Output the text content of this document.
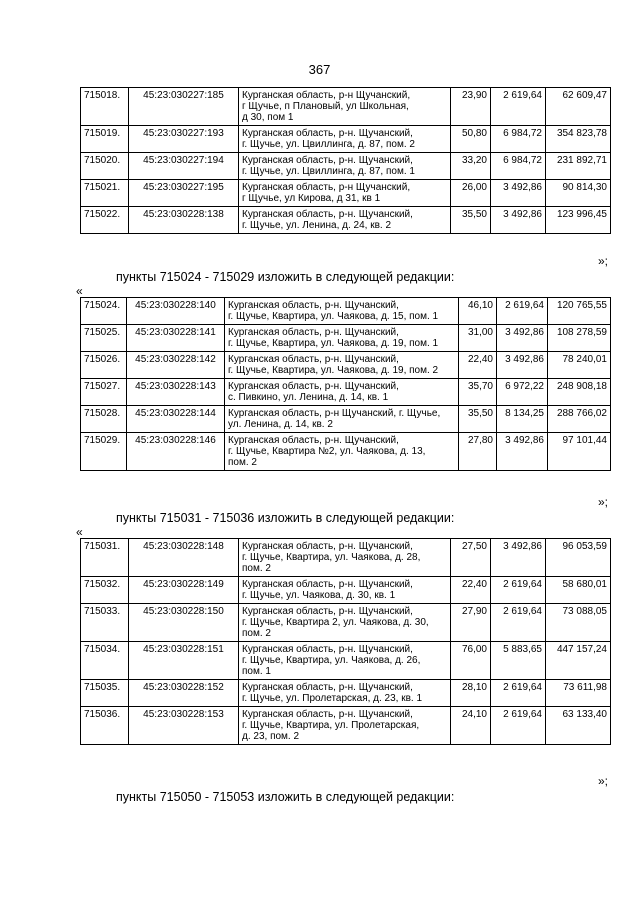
367
715018.	45:23:030227:185	Курганская область, р-н Щучанский,
г Щучье, п Плановый, ул Школьная,
д 30, пом 1	23,90	2 619,64	62 609,47
715019.	45:23:030227:193	Курганская область, р-н. Щучанский,
г. Щучье, ул. Цвиллинга, д. 87, пом. 2	50,80	6 984,72	354 823,78
715020.	45:23:030227:194	Курганская область, р-н. Щучанский,
г. Щучье, ул. Цвиллинга, д. 87, пом. 1	33,20	6 984,72	231 892,71
715021.	45:23:030227:195	Курганская область, р-н Щучанский,
г Щучье, ул Кирова, д 31, кв 1	26,00	3 492,86	90 814,30
715022.	45:23:030228:138	Курганская область, р-н. Щучанский,
г. Щучье, ул. Ленина, д. 24, кв. 2	35,50	3 492,86	123 996,45
»;
пункты 715024 - 715029 изложить в следующей редакции:
«
715024.	45:23:030228:140	Курганская область, р-н. Щучанский,
г. Щучье, Квартира, ул. Чаякова, д. 15, пом. 1	46,10	2 619,64	120 765,55
715025.	45:23:030228:141	Курганская область, р-н. Щучанский,
г. Щучье, Квартира, ул. Чаякова, д. 19, пом. 1	31,00	3 492,86	108 278,59
715026.	45:23:030228:142	Курганская область, р-н. Щучанский,
г. Щучье, Квартира, ул. Чаякова, д. 19, пом. 2	22,40	3 492,86	78 240,01
715027.	45:23:030228:143	Курганская область, р-н. Щучанский,
с. Пивкино, ул. Ленина, д. 14, кв. 1	35,70	6 972,22	248 908,18
715028.	45:23:030228:144	Курганская область, р-н Щучанский, г. Щучье,
ул. Ленина, д. 14, кв. 2	35,50	8 134,25	288 766,02
715029.	45:23:030228:146	Курганская область, р-н. Щучанский,
г. Щучье, Квартира №2, ул. Чаякова, д. 13,
пом. 2	27,80	3 492,86	97 101,44
»;
пункты 715031 - 715036 изложить в следующей редакции:
«
715031.	45:23:030228:148	Курганская область, р-н. Щучанский,
г. Щучье, Квартира, ул. Чаякова, д. 28,
пом. 2	27,50	3 492,86	96 053,59
715032.	45:23:030228:149	Курганская область, р-н. Щучанский,
г. Щучье, ул. Чаякова, д. 30, кв. 1	22,40	2 619,64	58 680,01
715033.	45:23:030228:150	Курганская область, р-н. Щучанский,
г. Щучье, Квартира 2, ул. Чаякова, д. 30,
пом. 2	27,90	2 619,64	73 088,05
715034.	45:23:030228:151	Курганская область, р-н. Щучанский,
г. Щучье, Квартира, ул. Чаякова, д. 26,
пом. 1	76,00	5 883,65	447 157,24
715035.	45:23:030228:152	Курганская область, р-н. Щучанский,
г. Щучье, ул. Пролетарская, д. 23, кв. 1	28,10	2 619,64	73 611,98
715036.	45:23:030228:153	Курганская область, р-н. Щучанский,
г. Щучье, Квартира, ул. Пролетарская,
д. 23, пом. 2	24,10	2 619,64	63 133,40
»;
пункты 715050 - 715053 изложить в следующей редакции:
